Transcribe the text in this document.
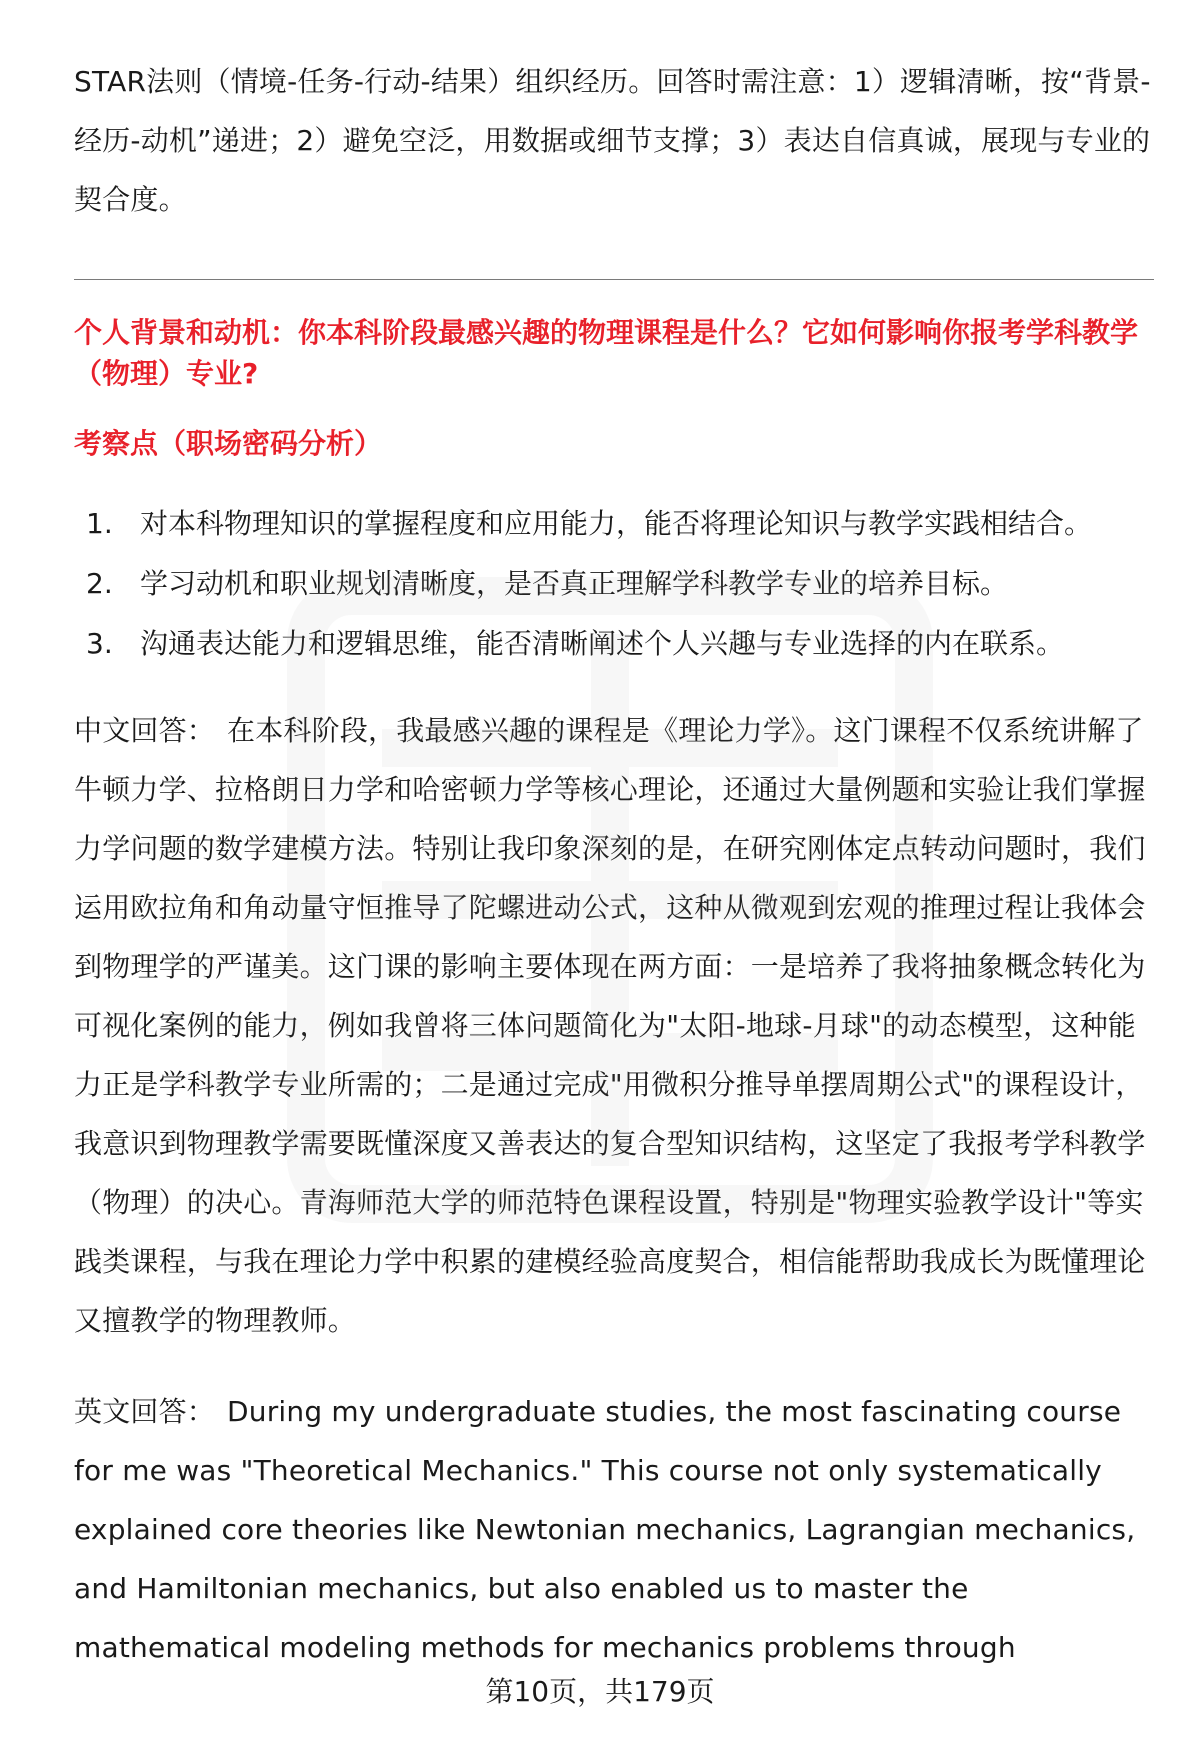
STAR法则（情境-任务-行动-结果）组织经历。回答时需注意：1）逻辑清晰，按“背景-经历-动机”递进；2）避免空泛，用数据或细节支撑；3）表达自信真诚，展现与专业的契合度。

个人背景和动机：你本科阶段最感兴趣的物理课程是什么？它如何影响你报考学科教学（物理）专业?

考察点（职场密码分析）

1. 对本科物理知识的掌握程度和应用能力，能否将理论知识与教学实践相结合。
2. 学习动机和职业规划清晰度，是否真正理解学科教学专业的培养目标。
3. 沟通表达能力和逻辑思维，能否清晰阐述个人兴趣与专业选择的内在联系。

中文回答： 在本科阶段，我最感兴趣的课程是《理论力学》。这门课程不仅系统讲解了牛顿力学、拉格朗日力学和哈密顿力学等核心理论，还通过大量例题和实验让我们掌握力学问题的数学建模方法。特别让我印象深刻的是，在研究刚体定点转动问题时，我们运用欧拉角和角动量守恒推导了陀螺进动公式，这种从微观到宏观的推理过程让我体会到物理学的严谨美。这门课的影响主要体现在两方面：一是培养了我将抽象概念转化为可视化案例的能力，例如我曾将三体问题简化为"太阳-地球-月球"的动态模型，这种能力正是学科教学专业所需的；二是通过完成"用微积分推导单摆周期公式"的课程设计，我意识到物理教学需要既懂深度又善表达的复合型知识结构，这坚定了我报考学科教学（物理）的决心。青海师范大学的师范特色课程设置，特别是"物理实验教学设计"等实践类课程，与我在理论力学中积累的建模经验高度契合，相信能帮助我成长为既懂理论又擅教学的物理教师。

英文回答： During my undergraduate studies, the most fascinating course for me was "Theoretical Mechanics." This course not only systematically explained core theories like Newtonian mechanics, Lagrangian mechanics, and Hamiltonian mechanics, but also enabled us to master the mathematical modeling methods for mechanics problems through

第10页，共179页
